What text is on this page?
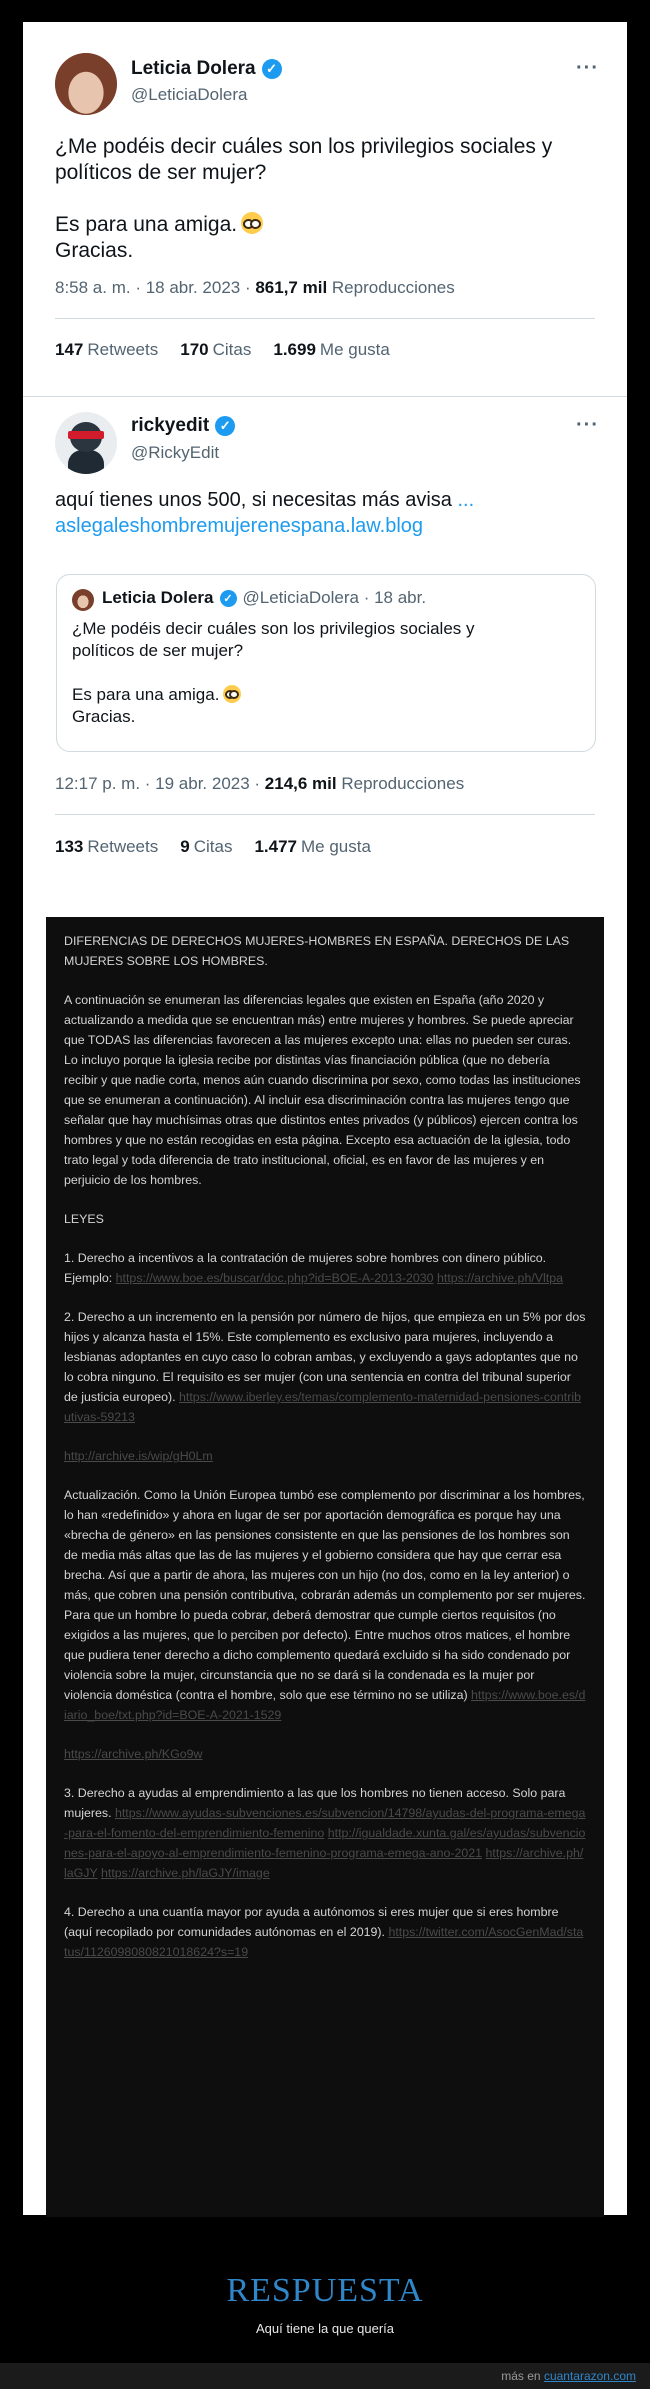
Leticia Dolera ✓
@LeticiaDolera
···
¿Me podéis decir cuáles son los privilegios sociales y
políticos de ser mujer?

Es para una amiga.
Gracias.
8:58 a. m. · 18 abr. 2023 · 861,7 mil Reproducciones
147 Retweets 170 Citas 1.699 Me gusta
rickyedit ✓
@RickyEdit
···
aquí tienes unos 500, si necesitas más avisa ...
aslegaleshombremujerenespana.law.blog
Leticia Dolera ✓ @LeticiaDolera · 18 abr.
¿Me podéis decir cuáles son los privilegios sociales y
políticos de ser mujer?

Es para una amiga.
Gracias.
12:17 p. m. · 19 abr. 2023 · 214,6 mil Reproducciones
133 Retweets 9 Citas 1.477 Me gusta

DIFERENCIAS DE DERECHOS MUJERES-HOMBRES EN ESPAÑA. DERECHOS DE LAS MUJERES SOBRE LOS HOMBRES.

A continuación se enumeran las diferencias legales que existen en España (año 2020 y actualizando a medida que se encuentran más) entre mujeres y hombres. Se puede apreciar que TODAS las diferencias favorecen a las mujeres excepto una: ellas no pueden ser curas. Lo incluyo porque la iglesia recibe por distintas vías financiación pública (que no debería recibir y que nadie corta, menos aún cuando discrimina por sexo, como todas las instituciones que se enumeran a continuación). Al incluir esa discriminación contra las mujeres tengo que señalar que hay muchísimas otras que distintos entes privados (y públicos) ejercen contra los hombres y que no están recogidas en esta página. Excepto esa actuación de la iglesia, todo trato legal y toda diferencia de trato institucional, oficial, es en favor de las mujeres y en perjuicio de los hombres.

LEYES

1. Derecho a incentivos a la contratación de mujeres sobre hombres con dinero público. Ejemplo: https://www.boe.es/buscar/doc.php?id=BOE-A-2013-2030 https://archive.ph/Vltpa

2. Derecho a un incremento en la pensión por número de hijos, que empieza en un 5% por dos hijos y alcanza hasta el 15%. Este complemento es exclusivo para mujeres, incluyendo a lesbianas adoptantes en cuyo caso lo cobran ambas, y excluyendo a gays adoptantes que no lo cobra ninguno. El requisito es ser mujer (con una sentencia en contra del tribunal superior de justicia europeo). https://www.iberley.es/temas/complemento-maternidad-pensiones-contributivas-59213

http://archive.is/wip/gH0Lm

Actualización. Como la Unión Europea tumbó ese complemento por discriminar a los hombres, lo han «redefinido» y ahora en lugar de ser por aportación demográfica es porque hay una «brecha de género» en las pensiones consistente en que las pensiones de los hombres son de media más altas que las de las mujeres y el gobierno considera que hay que cerrar esa brecha. Así que a partir de ahora, las mujeres con un hijo (no dos, como en la ley anterior) o más, que cobren una pensión contributiva, cobrarán además un complemento por ser mujeres. Para que un hombre lo pueda cobrar, deberá demostrar que cumple ciertos requisitos (no exigidos a las mujeres, que lo perciben por defecto). Entre muchos otros matices, el hombre que pudiera tener derecho a dicho complemento quedará excluido si ha sido condenado por violencia sobre la mujer, circunstancia que no se dará si la condenada es la mujer por violencia doméstica (contra el hombre, solo que ese término no se utiliza) https://www.boe.es/diario_boe/txt.php?id=BOE-A-2021-1529

https://archive.ph/KGo9w

3. Derecho a ayudas al emprendimiento a las que los hombres no tienen acceso. Solo para mujeres. https://www.ayudas-subvenciones.es/subvencion/14798/ayudas-del-programa-emega-para-el-fomento-del-emprendimiento-femenino http://igualdade.xunta.gal/es/ayudas/subvenciones-para-el-apoyo-al-emprendimiento-femenino-programa-emega-ano-2021 https://archive.ph/laGJY https://archive.ph/laGJY/image

4. Derecho a una cuantía mayor por ayuda a autónomos si eres mujer que si eres hombre (aquí recopilado por comunidades autónomas en el 2019). https://twitter.com/AsocGenMad/status/1126098080821018624?s=19

RESPUESTA
Aquí tiene la que quería
más en cuantarazon.com
